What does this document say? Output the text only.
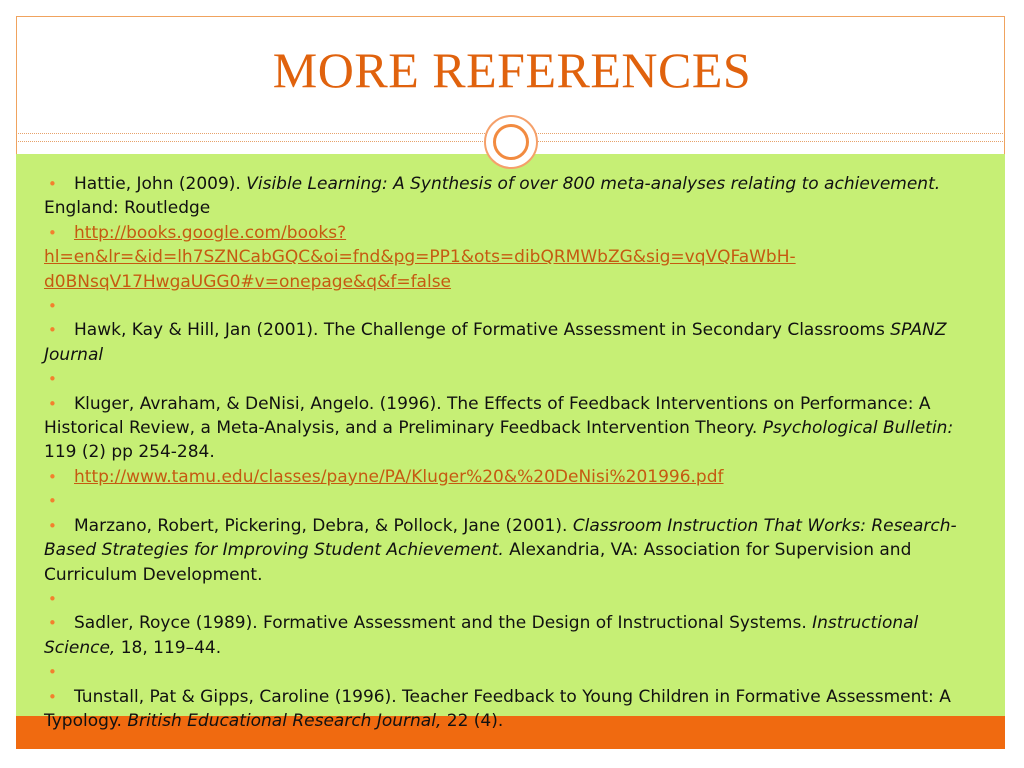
MORE REFERENCES
• Hattie, John (2009). Visible Learning: A Synthesis of over 800 meta-analyses relating to achievement. England: Routledge
• http://books.google.com/books?hl=en&lr=&id=lh7SZNCabGQC&oi=fnd&pg=PP1&ots=dibQRMWbZG&sig=vqVQFaWbH-d0BNsqV17HwgaUGG0#v=onepage&q&f=false
•
• Hawk, Kay & Hill, Jan (2001). The Challenge of Formative Assessment in Secondary Classrooms SPANZ Journal
•
• Kluger, Avraham, & DeNisi, Angelo. (1996). The Effects of Feedback Interventions on Performance: A Historical Review, a Meta-Analysis, and a Preliminary Feedback Intervention Theory. Psychological Bulletin: 119 (2) pp 254-284.
• http://www.tamu.edu/classes/payne/PA/Kluger%20&%20DeNisi%201996.pdf
•
• Marzano, Robert, Pickering, Debra, & Pollock, Jane (2001). Classroom Instruction That Works: Research-Based Strategies for Improving Student Achievement. Alexandria, VA: Association for Supervision and Curriculum Development.
•
• Sadler, Royce (1989). Formative Assessment and the Design of Instructional Systems. Instructional Science, 18, 119–44.
•
• Tunstall, Pat & Gipps, Caroline (1996). Teacher Feedback to Young Children in Formative Assessment: A Typology. British Educational Research Journal, 22 (4).
